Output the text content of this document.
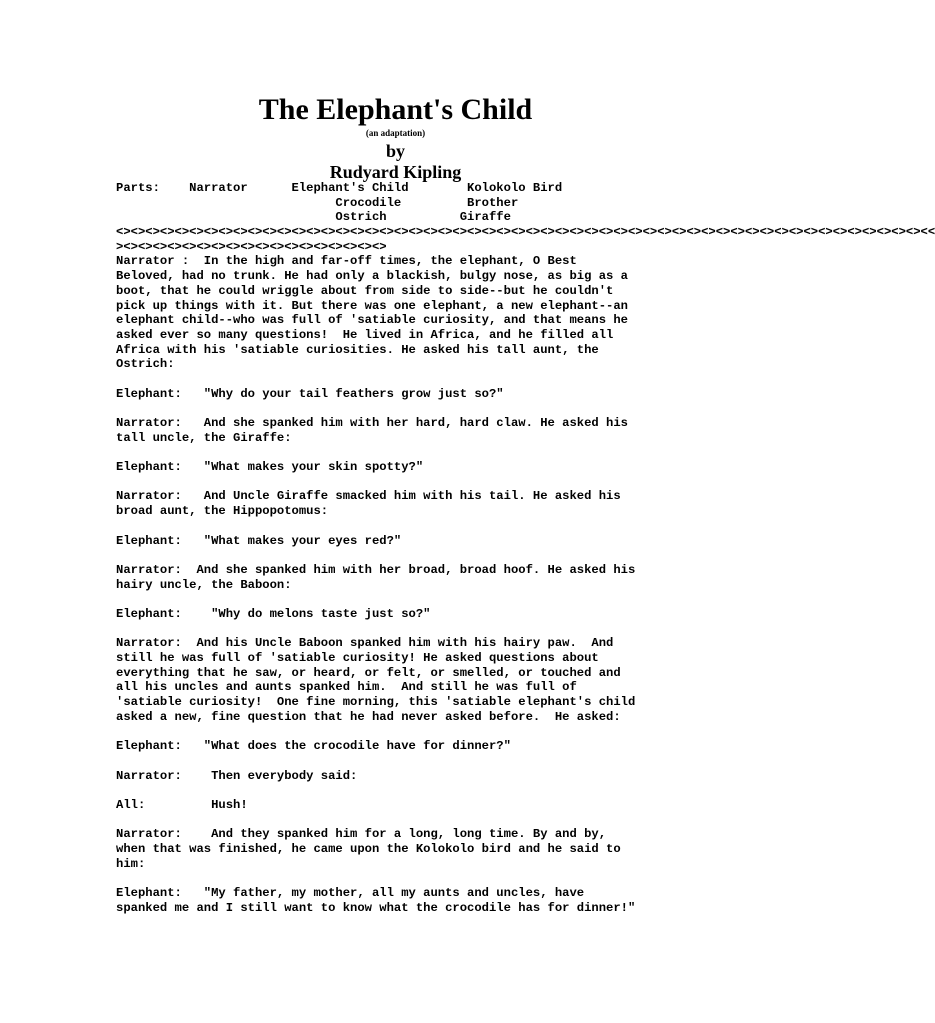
The Elephant's Child
(an adaptation)
by
Rudyard Kipling
Parts:    Narrator      Elephant's Child        Kolokolo Bird
Crocodile         Brother
Ostrich          Giraffe
<><><><><><><><><><><><><><><><><><><><><><><><><><><><><><><><><><><><><><><><><><><><><><><><><><><><><><><><<
><><><><><><><><><><><><><><><><><><>
Narrator :  In the high and far-off times, the elephant, O Best
Beloved, had no trunk. He had only a blackish, bulgy nose, as big as a
boot, that he could wriggle about from side to side--but he couldn't
pick up things with it. But there was one elephant, a new elephant--an
elephant child--who was full of 'satiable curiosity, and that means he
asked ever so many questions!  He lived in Africa, and he filled all
Africa with his 'satiable curiosities. He asked his tall aunt, the
Ostrich:
Elephant:   "Why do your tail feathers grow just so?"
Narrator:   And she spanked him with her hard, hard claw. He asked his
tall uncle, the Giraffe:
Elephant:   "What makes your skin spotty?"
Narrator:   And Uncle Giraffe smacked him with his tail. He asked his
broad aunt, the Hippopotomus:
Elephant:   "What makes your eyes red?"
Narrator:  And she spanked him with her broad, broad hoof. He asked his
hairy uncle, the Baboon:
Elephant:    "Why do melons taste just so?"
Narrator:  And his Uncle Baboon spanked him with his hairy paw.  And
still he was full of 'satiable curiosity! He asked questions about
everything that he saw, or heard, or felt, or smelled, or touched and
all his uncles and aunts spanked him.  And still he was full of
'satiable curiosity!  One fine morning, this 'satiable elephant's child
asked a new, fine question that he had never asked before.  He asked:
Elephant:   "What does the crocodile have for dinner?"
Narrator:    Then everybody said:
All:         Hush!
Narrator:    And they spanked him for a long, long time. By and by,
when that was finished, he came upon the Kolokolo bird and he said to
him:
Elephant:   "My father, my mother, all my aunts and uncles, have
spanked me and I still want to know what the crocodile has for dinner!"
